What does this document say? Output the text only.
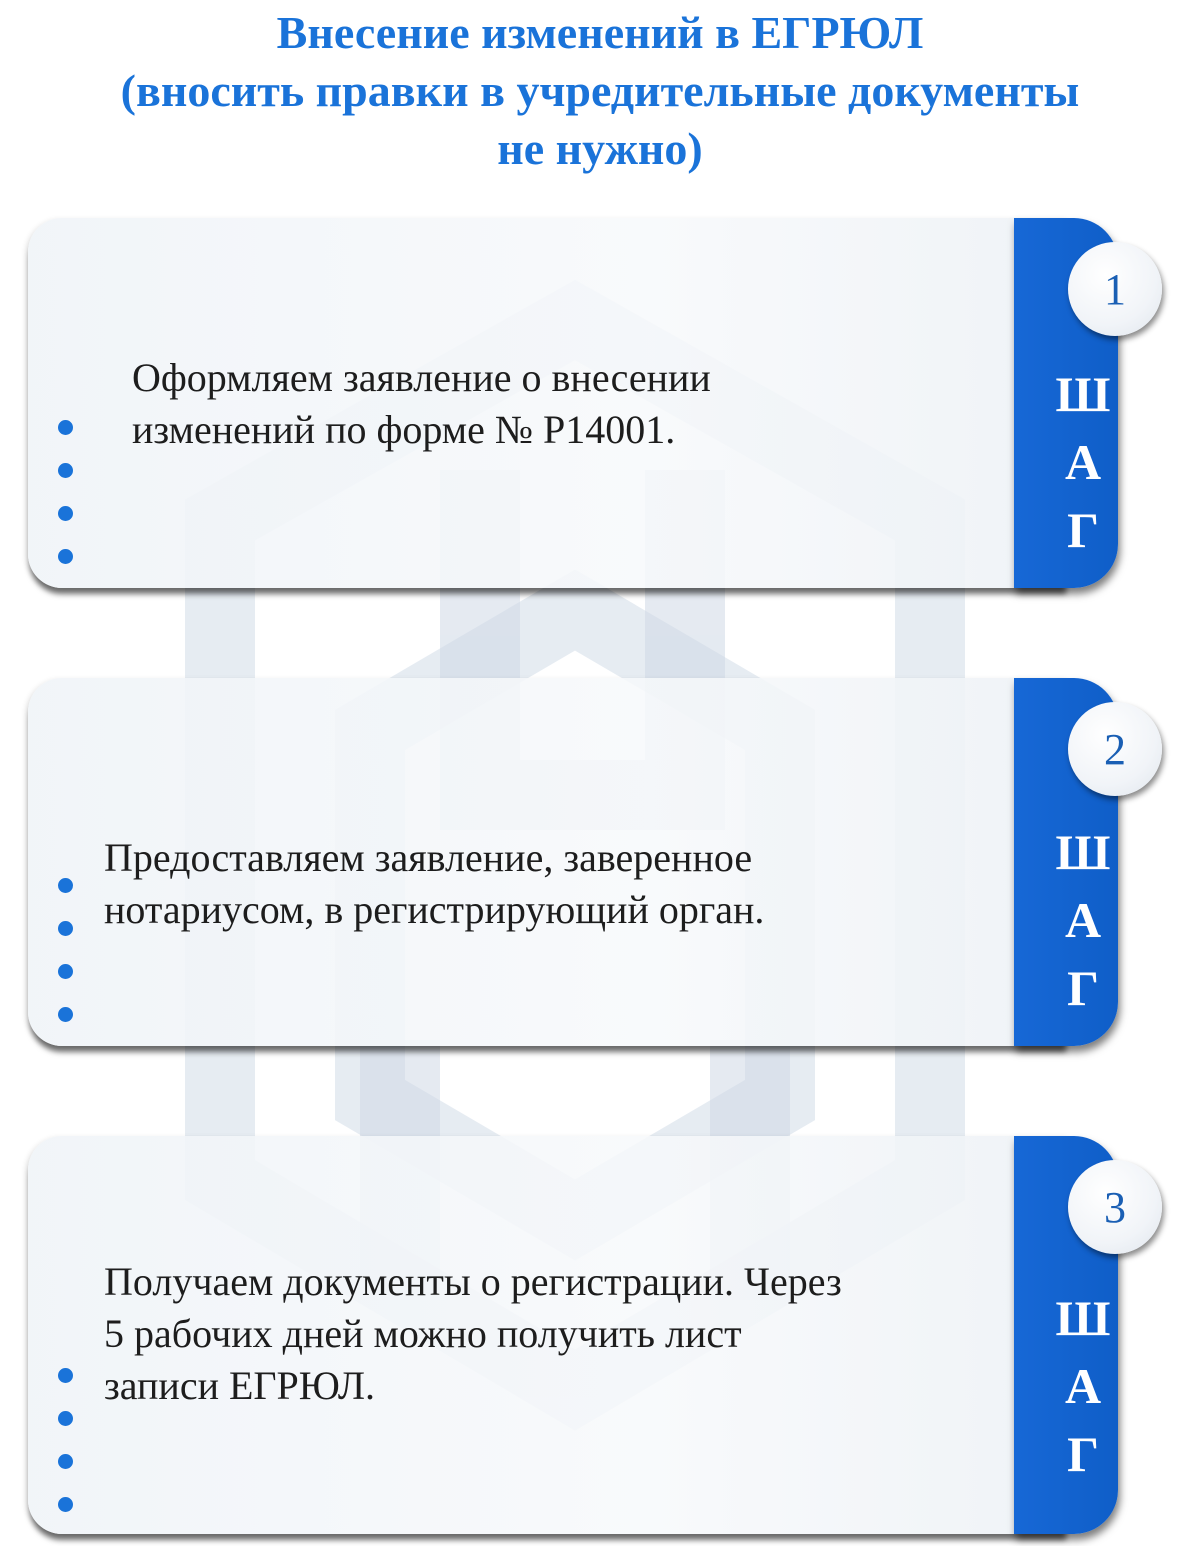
Внесение изменений в ЕГРЮЛ
(вносить правки в учредительные документы
не нужно)
1
Ш
А
Г
Оформляем заявление о внесении
изменений по форме № Р14001.
2
Ш
А
Г
Предоставляем заявление, заверенное
нотариусом, в регистрирующий орган.
3
Ш
А
Г
Получаем документы о регистрации. Через
5 рабочих дней можно получить лист
записи ЕГРЮЛ.
